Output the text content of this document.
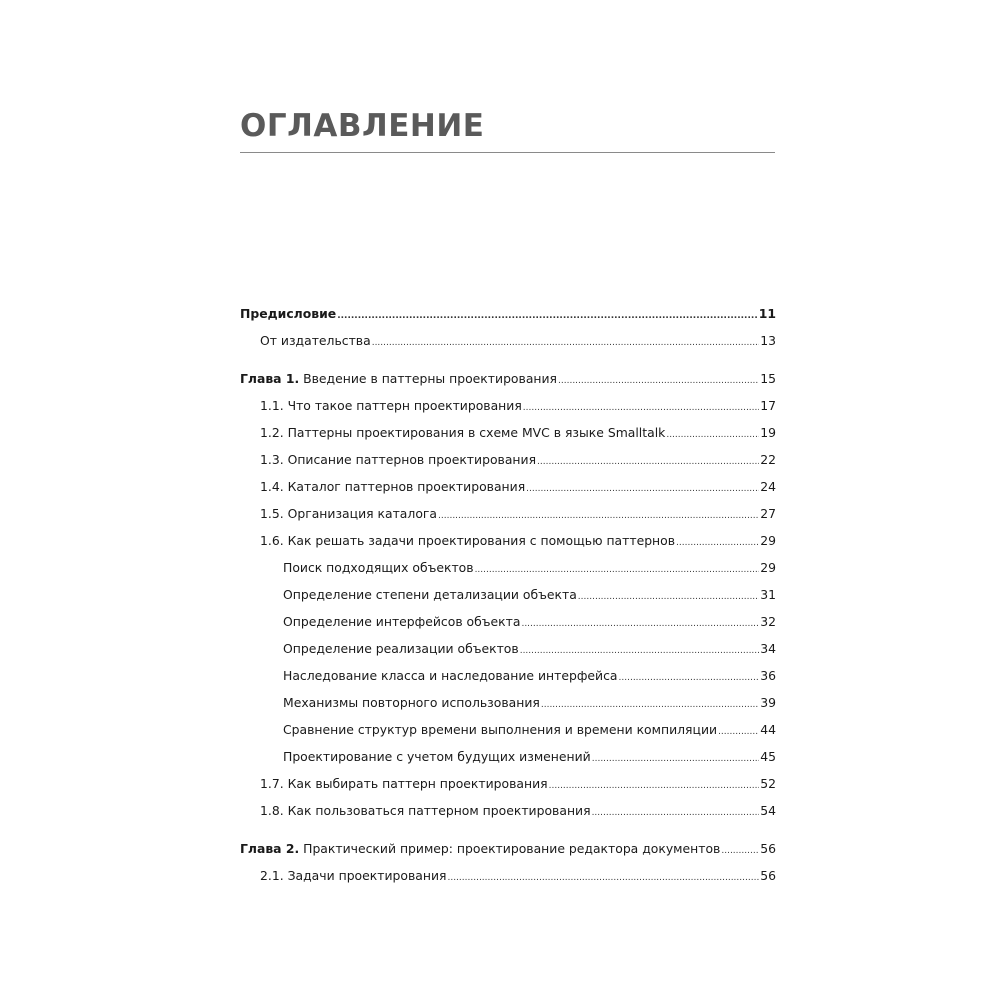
ОГЛАВЛЕНИЕ
Предисловие .....	11
От издательства .....	13
Глава 1. Введение в паттерны проектирования .....	15
1.1. Что такое паттерн проектирования .....	17
1.2. Паттерны проектирования в схеме MVC в языке Smalltalk .....	19
1.3. Описание паттернов проектирования .....	22
1.4. Каталог паттернов проектирования .....	24
1.5. Организация каталога .....	27
1.6. Как решать задачи проектирования с помощью паттернов .....	29
Поиск подходящих объектов .....	29
Определение степени детализации объекта .....	31
Определение интерфейсов объекта .....	32
Определение реализации объектов .....	34
Наследование класса и наследование интерфейса .....	36
Механизмы повторного использования .....	39
Сравнение структур времени выполнения и времени компиляции .....	44
Проектирование с учетом будущих изменений .....	45
1.7. Как выбирать паттерн проектирования .....	52
1.8. Как пользоваться паттерном проектирования .....	54
Глава 2. Практический пример: проектирование редактора документов .....	56
2.1. Задачи проектирования .....	56
